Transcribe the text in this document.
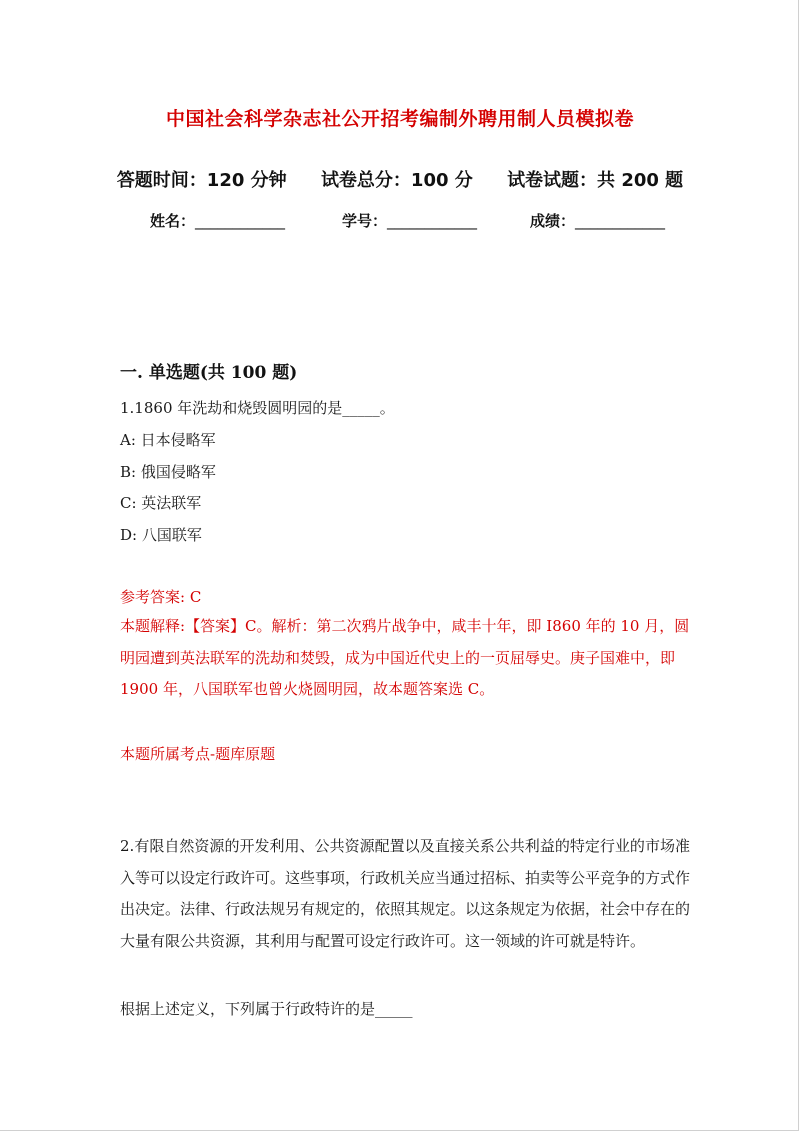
中国社会科学杂志社公开招考编制外聘用制人员模拟卷
答题时间：120 分钟 试卷总分：100 分 试卷试题：共 200 题
姓名：____________	学号：____________	成绩：____________
一. 单选题(共 100 题)
1.1860 年洗劫和烧毁圆明园的是_____。
A: 日本侵略军
B: 俄国侵略军
C: 英法联军
D: 八国联军
参考答案: C
本题解释:【答案】C。解析：第二次鸦片战争中，咸丰十年，即 I860 年的 10 月，圆明园遭到英法联军的洗劫和焚毁，成为中国近代史上的一页屈辱史。庚子国难中，即 1900 年，八国联军也曾火烧圆明园，故本题答案选 C。
本题所属考点-题库原题
2.有限自然资源的开发利用、公共资源配置以及直接关系公共利益的特定行业的市场准入等可以设定行政许可。这些事项，行政机关应当通过招标、拍卖等公平竞争的方式作出决定。法律、行政法规另有规定的，依照其规定。以这条规定为依据，社会中存在的大量有限公共资源，其利用与配置可设定行政许可。这一领域的许可就是特许。
根据上述定义，下列属于行政特许的是_____
